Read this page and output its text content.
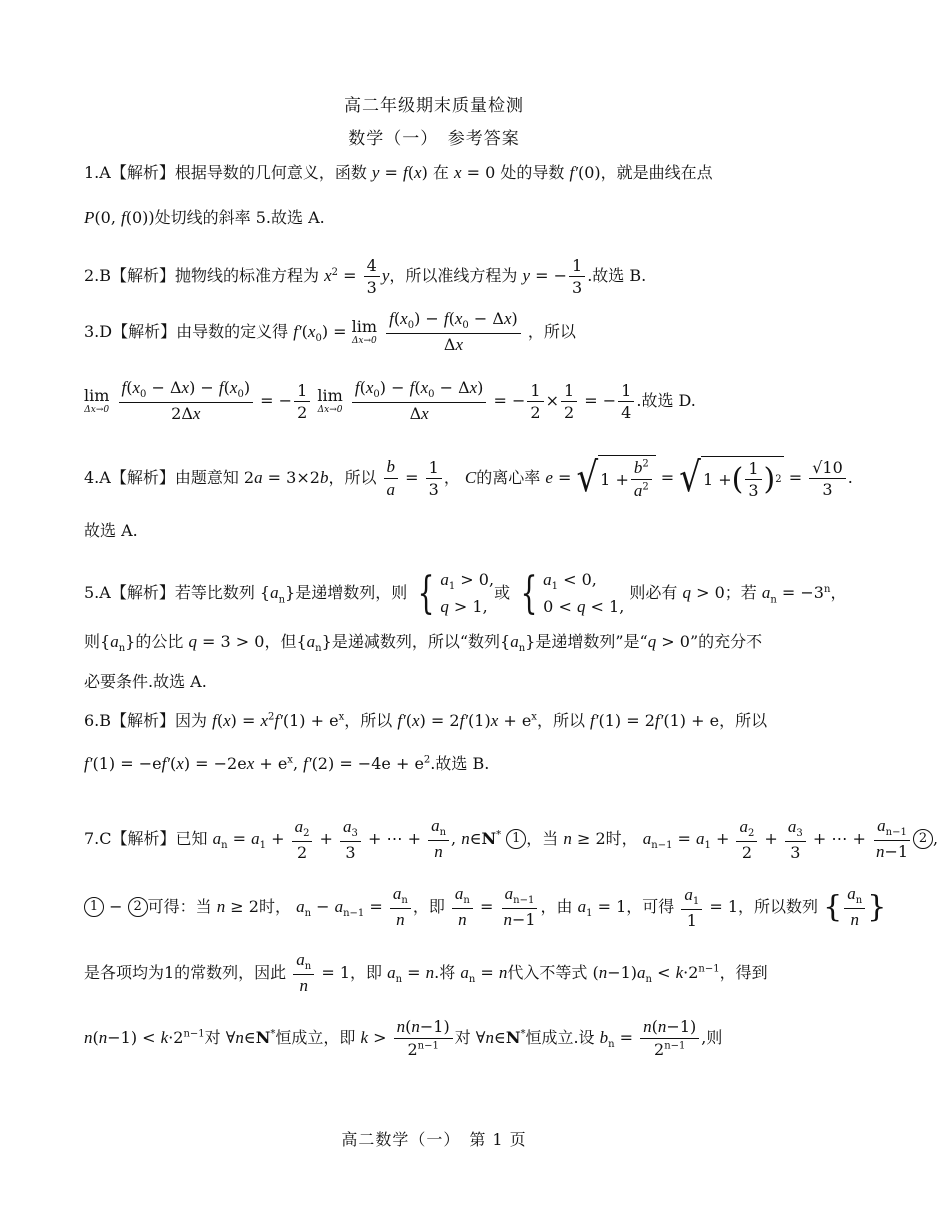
高二年级期末质量检测
数学（一）　参考答案
1.A【解析】根据导数的几何意义，函数 y = f(x) 在 x = 0 处的导数 f′(0)，就是曲线在点
P(0, f(0))处切线的斜率 5.故选 A.
2.B【解析】抛物线的标准方程为 $x^2 = \frac{4}{3}$ y，所以准线方程为 y = − $\frac{1}{3}$ .故选 B.
3.D【解析】由导数的定义得 $f'(x_0) = \lim$
Δx→0
$\frac{f(x_0) - f(x_0 - \Delta x)}{\Delta x}$ ，所以
lim
Δx→0
$\frac{f(x_0 - \Delta x) - f(x_0)}{2\Delta x}$ = − $\frac{1}{2}$
lim
Δx→0
$\frac{f(x_0) - f(x_0 - \Delta x)}{\Delta x}$ = − $\frac{1}{2} \times \frac{1}{2}$ = − $\frac{1}{4}$ .故选 D.
4.A【解析】由题意知 2a = 3×2b，所以 $\frac{b}{a} = \frac{1}{3}$ ， C的离心率 e = √ $1 + \frac{b^2}{a^2}$ = √ 1 + ( $\frac{1}{3}$ ) $2 = \frac{√10}{3}$ .
故选 A.
5.A【解析】若等比数列 $\{a_n\}$是递增数列，则 { $a_1 > 0$,
q > 1,
或 { $a_1 < 0$,
0 < q < 1,
则必有 q > 0；若 $a_n = -3^n$，
则$\{a_n\}$的公比 q = 3 > 0，但$\{a_n\}$是递减数列，所以“数列$\{a_n\}$是递增数列”是“q > 0”的充分不
必要条件.故选 A.
6.B【解析】因为 $f(x) = x^2f'(1) + e^x$，所以 $f'(x) = 2f'(1)x + e^x$，所以 f′(1) = 2f′(1) + e，所以
$f'(1) = -ef'(x) = -2ex + e^x$, $f'(2) = -4e + e^2$.故选 B.
7.C【解析】已知 $a_n = a_1 + \frac{a_2}{2} + \frac{a_3}{3}$ + ⋯ + $\frac{a_n}{n}$ , n∈N* 1 ，当 n ≥ 2时， $a_{n-1} = a_1 + \frac{a_2}{2} + \frac{a_3}{3}$ + ⋯ + $\frac{a_{n-1}}{n-1} 2$ ,
1 − 2 可得：当 n ≥ 2时， $a_n - a_{n-1} = \frac{a_n}{n}$ ，即 $\frac{a_n}{n} = \frac{a_{n-1}}{n-1}$ ，由 $a_1 = 1$，可得 $\frac{a_1}{1} = 1$，所以数列 { $\frac{a_n}{n}$ }
是各项均为1的常数列，因此 $\frac{a_n}{n} = 1$，即 $a_n = n$.将 $a_n = n$代入不等式 $(n-1)a_n < k\cdot 2^{n-1}$，得到
$n(n-1) < k\cdot 2^{n-1}$对 ∀n∈N*恒成立，即 $k > \frac{n(n-1)}{2^{n-1}}$ 对 ∀n∈N*恒成立.设 $b_n = \frac{n(n-1)}{2^{n-1}}$ ,则
高二数学（一）　第 1 页
